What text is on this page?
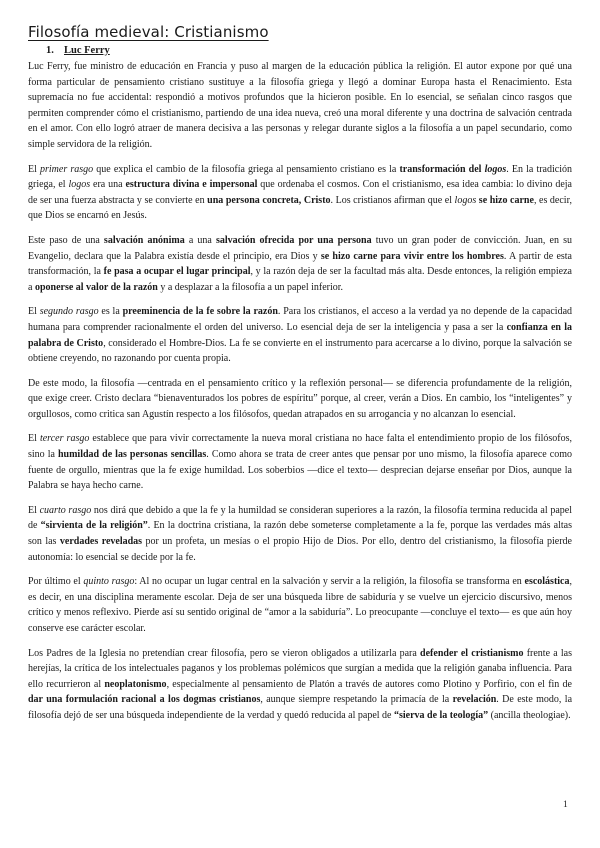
Filosofía medieval: Cristianismo
1. Luc Ferry

Luc Ferry, fue ministro de educación en Francia y puso al margen de la educación pública la religión. El autor expone por qué una forma particular de pensamiento cristiano sustituye a la filosofía griega y llegó a dominar Europa hasta el Renacimiento. Esta supremacía no fue accidental: respondió a motivos profundos que la hicieron posible. En lo esencial, se señalan cinco rasgos que permiten comprender cómo el cristianismo, partiendo de una idea nueva, creó una moral diferente y una doctrina de salvación centrada en el amor. Con ello logró atraer de manera decisiva a las personas y relegar durante siglos a la filosofía a un papel secundario, como simple servidora de la religión.

El primer rasgo que explica el cambio de la filosofía griega al pensamiento cristiano es la transformación del logos. En la tradición griega, el logos era una estructura divina e impersonal que ordenaba el cosmos. Con el cristianismo, esa idea cambia: lo divino deja de ser una fuerza abstracta y se convierte en una persona concreta, Cristo. Los cristianos afirman que el logos se hizo carne, es decir, que Dios se encarnó en Jesús.

Este paso de una salvación anónima a una salvación ofrecida por una persona tuvo un gran poder de convicción. Juan, en su Evangelio, declara que la Palabra existía desde el principio, era Dios y se hizo carne para vivir entre los hombres. A partir de esta transformación, la fe pasa a ocupar el lugar principal, y la razón deja de ser la facultad más alta. Desde entonces, la religión empieza a oponerse al valor de la razón y a desplazar a la filosofía a un papel inferior.

El segundo rasgo es la preeminencia de la fe sobre la razón. Para los cristianos, el acceso a la verdad ya no depende de la capacidad humana para comprender racionalmente el orden del universo. Lo esencial deja de ser la inteligencia y pasa a ser la confianza en la palabra de Cristo, considerado el Hombre-Dios. La fe se convierte en el instrumento para acercarse a lo divino, porque la salvación se obtiene creyendo, no razonando por cuenta propia.

De este modo, la filosofía —centrada en el pensamiento crítico y la reflexión personal— se diferencia profundamente de la religión, que exige creer. Cristo declara “bienaventurados los pobres de espíritu” porque, al creer, verán a Dios. En cambio, los “inteligentes” y orgullosos, como critica san Agustín respecto a los filósofos, quedan atrapados en su arrogancia y no alcanzan lo esencial.

El tercer rasgo establece que para vivir correctamente la nueva moral cristiana no hace falta el entendimiento propio de los filósofos, sino la humildad de las personas sencillas. Como ahora se trata de creer antes que pensar por uno mismo, la filosofía aparece como fuente de orgullo, mientras que la fe exige humildad. Los soberbios —dice el texto— desprecian dejarse enseñar por Dios, aunque la Palabra se haya hecho carne.

El cuarto rasgo nos dirá que debido a que la fe y la humildad se consideran superiores a la razón, la filosofía termina reducida al papel de “sirvienta de la religión”. En la doctrina cristiana, la razón debe someterse completamente a la fe, porque las verdades más altas son las verdades reveladas por un profeta, un mesías o el propio Hijo de Dios. Por ello, dentro del cristianismo, la filosofía pierde autonomía: lo esencial se decide por la fe.

Por último el quinto rasgo: Al no ocupar un lugar central en la salvación y servir a la religión, la filosofía se transforma en escolástica, es decir, en una disciplina meramente escolar. Deja de ser una búsqueda libre de sabiduría y se vuelve un ejercicio discursivo, menos crítico y menos reflexivo. Pierde así su sentido original de “amor a la sabiduría”. Lo preocupante —concluye el texto— es que aún hoy conserve ese carácter escolar.

Los Padres de la Iglesia no pretendían crear filosofía, pero se vieron obligados a utilizarla para defender el cristianismo frente a las herejías, la crítica de los intelectuales paganos y los problemas polémicos que surgían a medida que la religión ganaba influencia. Para ello recurrieron al neoplatonismo, especialmente al pensamiento de Platón a través de autores como Plotino y Porfirio, con el fin de dar una formulación racional a los dogmas cristianos, aunque siempre respetando la primacía de la revelación. De este modo, la filosofía dejó de ser una búsqueda independiente de la verdad y quedó reducida al papel de “sierva de la teología” (ancilla theologiae).

1
